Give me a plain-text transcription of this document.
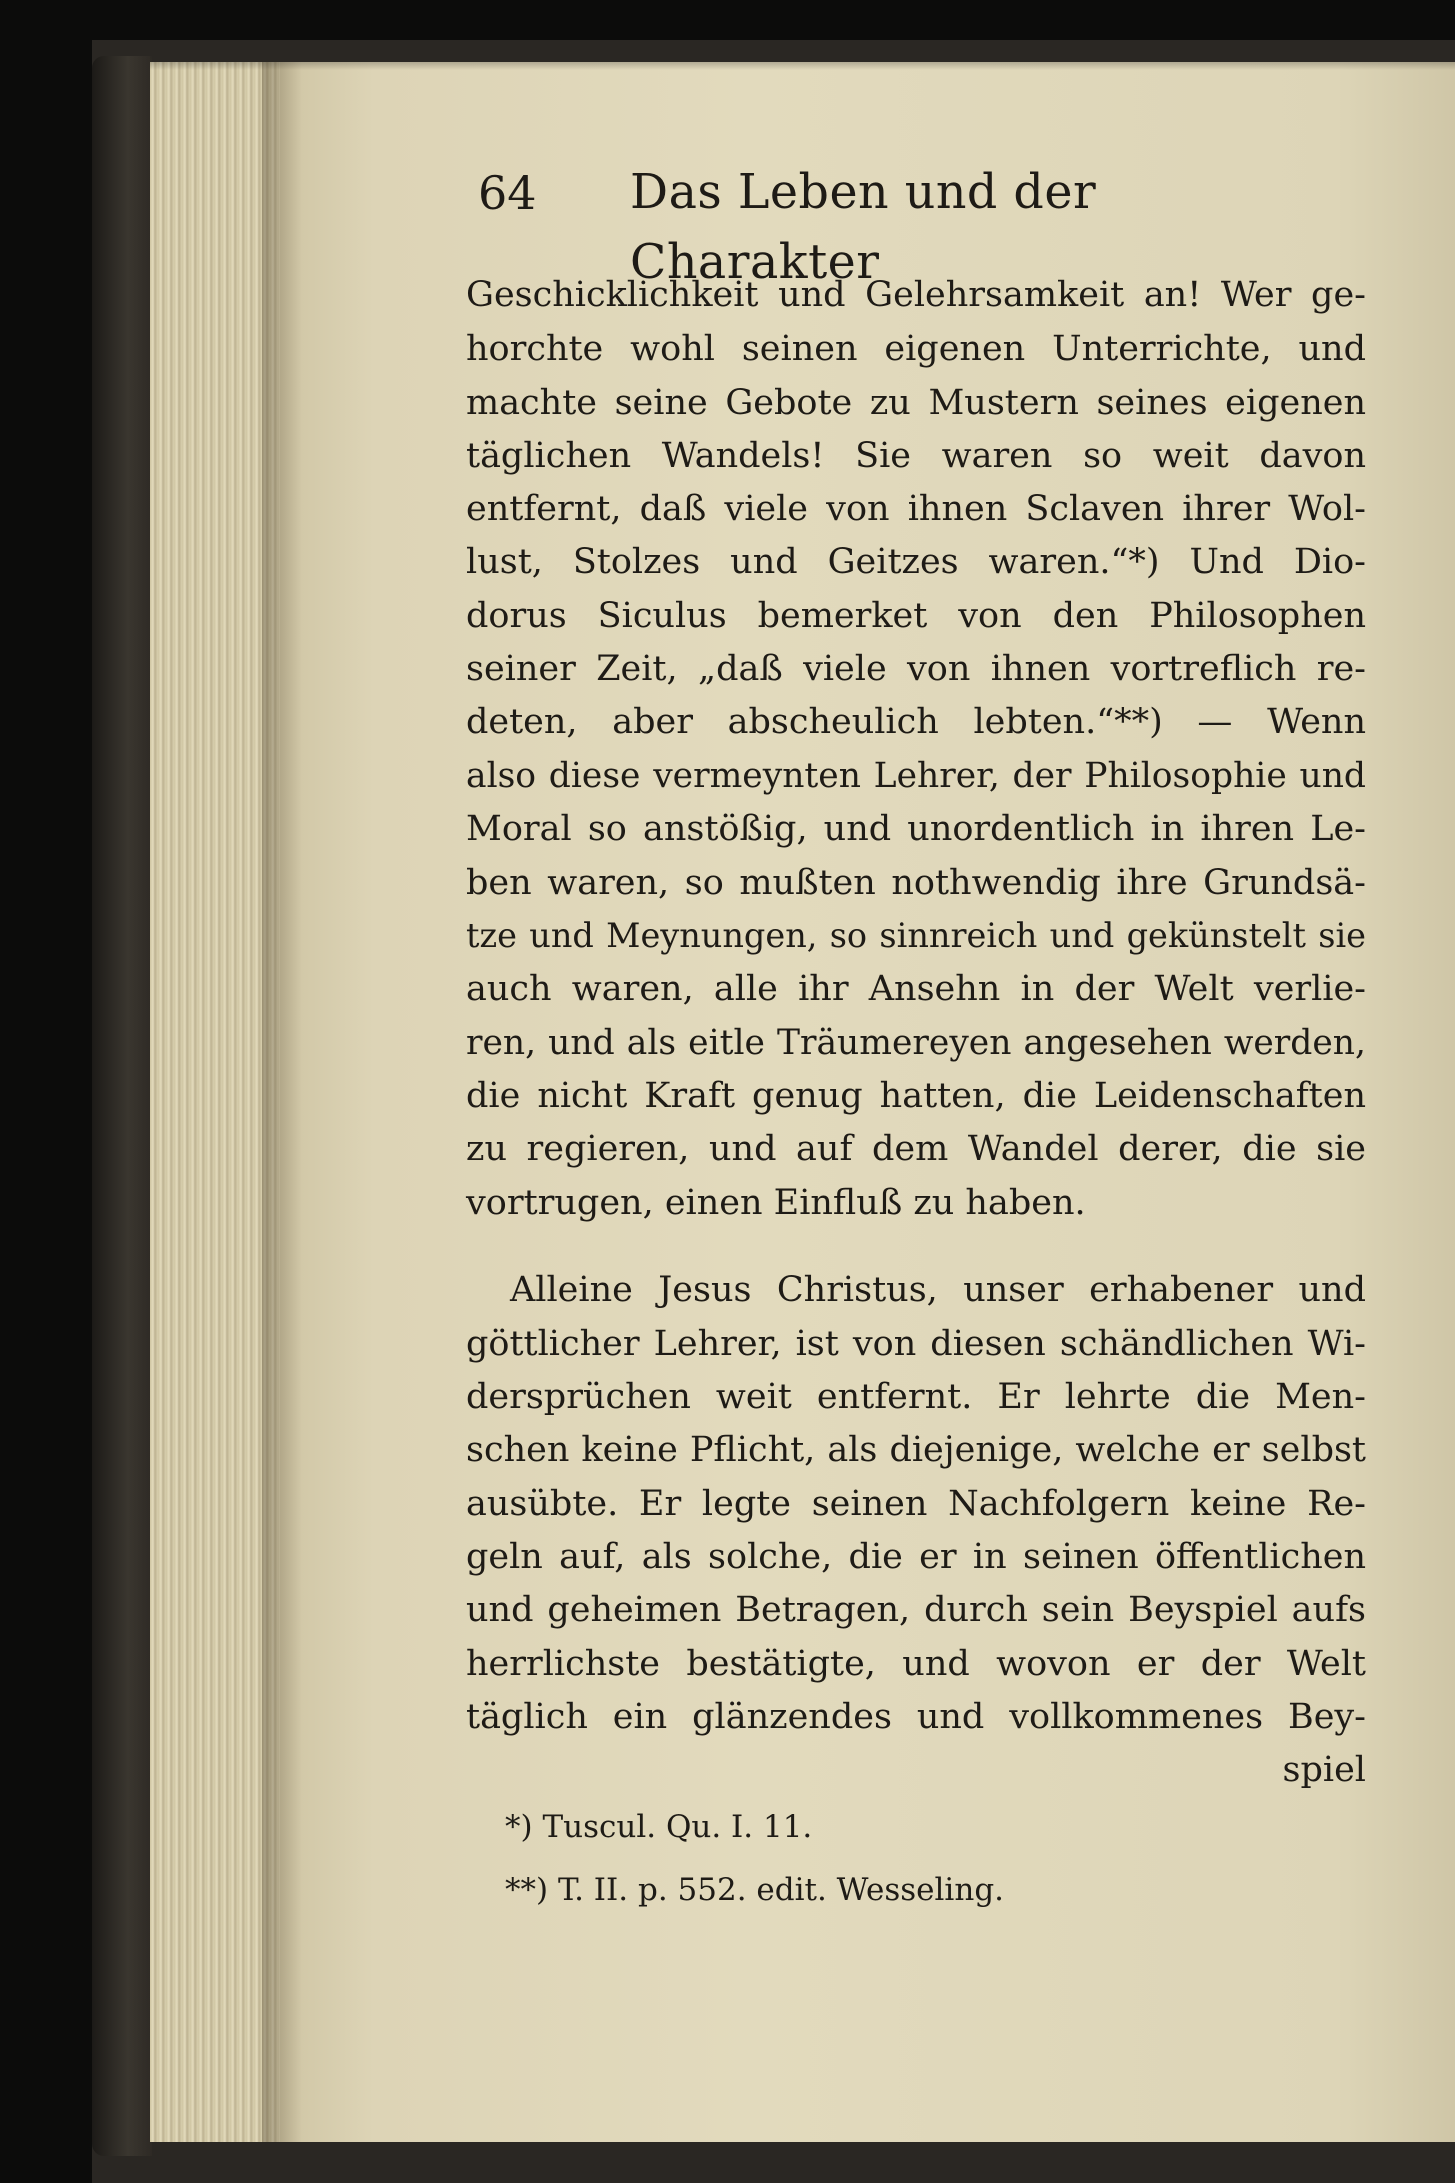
64 Das Leben und der Charakter
Geschicklichkeit und Gelehrsamkeit an! Wer ge-
horchte wohl seinen eigenen Unterrichte, und
machte seine Gebote zu Mustern seines eigenen
täglichen Wandels! Sie waren so weit davon
entfernt, daß viele von ihnen Sclaven ihrer Wol-
lust, Stolzes und Geitzes waren.“*) Und Dio-
dorus Siculus bemerket von den Philosophen
seiner Zeit, „daß viele von ihnen vortreflich re-
deten, aber abscheulich lebten.“**) — Wenn
also diese vermeynten Lehrer, der Philosophie und
Moral so anstößig, und unordentlich in ihren Le-
ben waren, so mußten nothwendig ihre Grundsä-
tze und Meynungen, so sinnreich und gekünstelt sie
auch waren, alle ihr Ansehn in der Welt verlie-
ren, und als eitle Träumereyen angesehen werden,
die nicht Kraft genug hatten, die Leidenschaften
zu regieren, und auf dem Wandel derer, die sie
vortrugen, einen Einfluß zu haben.
Alleine Jesus Christus, unser erhabener und
göttlicher Lehrer, ist von diesen schändlichen Wi-
dersprüchen weit entfernt. Er lehrte die Men-
schen keine Pflicht, als diejenige, welche er selbst
ausübte. Er legte seinen Nachfolgern keine Re-
geln auf, als solche, die er in seinen öffentlichen
und geheimen Betragen, durch sein Beyspiel aufs
herrlichste bestätigte, und wovon er der Welt
täglich ein glänzendes und vollkommenes Bey-
spiel
*) Tuscul. Qu. I. 11.
**) T. II. p. 552. edit. Wesseling.
